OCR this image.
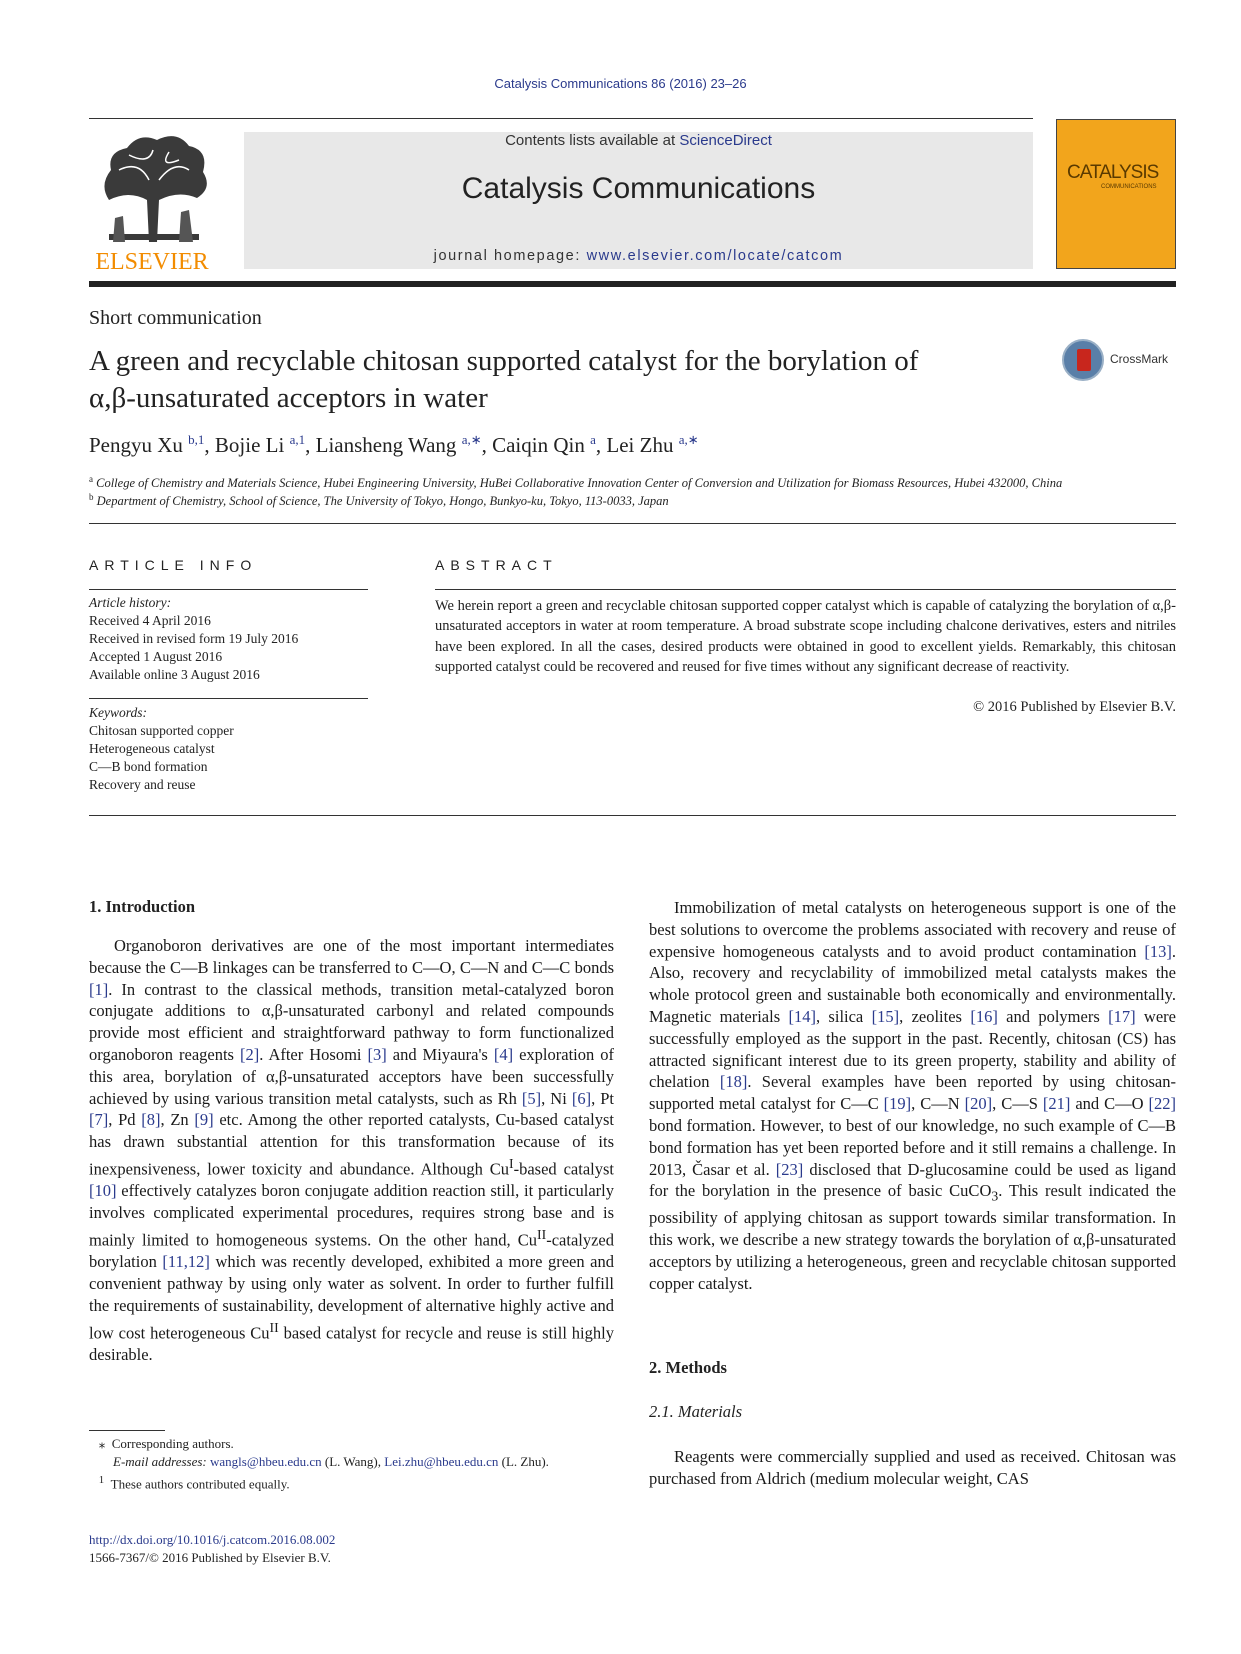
Catalysis Communications 86 (2016) 23–26
ELSEVIER
Contents lists available at ScienceDirect
Catalysis Communications
journal homepage: www.elsevier.com/locate/catcom
CATALYSIS
COMMUNICATIONS
Short communication
A green and recyclable chitosan supported catalyst for the borylation of
α,β-unsaturated acceptors in water
CrossMark
Pengyu Xu $^{b,1}$, Bojie Li $^{a,1}$, Liansheng Wang $^{a,∗}$, Caiqin Qin $^a$, Lei Zhu $^{a,∗}$
$^a$ College of Chemistry and Materials Science, Hubei Engineering University, HuBei Collaborative Innovation Center of Conversion and Utilization for Biomass Resources, Hubei 432000, China
$^b$ Department of Chemistry, School of Science, The University of Tokyo, Hongo, Bunkyo-ku, Tokyo, 113-0033, Japan
ARTICLE INFO
Article history:
Received 4 April 2016
Received in revised form 19 July 2016
Accepted 1 August 2016
Available online 3 August 2016
Keywords:
Chitosan supported copper
Heterogeneous catalyst
C—B bond formation
Recovery and reuse
ABSTRACT
We herein report a green and recyclable chitosan supported copper catalyst which is capable of catalyzing the borylation of α,β-unsaturated acceptors in water at room temperature. A broad substrate scope including chalcone derivatives, esters and nitriles have been explored. In all the cases, desired products were obtained in good to excellent yields. Remarkably, this chitosan supported catalyst could be recovered and reused for five times without any significant decrease of reactivity.
© 2016 Published by Elsevier B.V.
1. Introduction

Organoboron derivatives are one of the most important intermediates because the C—B linkages can be transferred to C—O, C—N and C—C bonds [1]. In contrast to the classical methods, transition metal-catalyzed boron conjugate additions to α,β-unsaturated carbonyl and related compounds provide most efficient and straightforward pathway to form functionalized organoboron reagents [2]. After Hosomi [3] and Miyaura's [4] exploration of this area, borylation of α,β-unsaturated acceptors have been successfully achieved by using various transition metal catalysts, such as Rh [5], Ni [6], Pt [7], Pd [8], Zn [9] etc. Among the other reported catalysts, Cu-based catalyst has drawn substantial attention for this transformation because of its inexpensiveness, lower toxicity and abundance. Although $Cu^I$-based catalyst [10] effectively catalyzes boron conjugate addition reaction still, it particularly involves complicated experimental procedures, requires strong base and is mainly limited to homogeneous systems. On the other hand, $Cu^{II}$-catalyzed borylation [11,12] which was recently developed, exhibited a more green and convenient pathway by using only water as solvent. In order to further fulfill the requirements of sustainability, development of alternative highly active and low cost heterogeneous $Cu^{II}$ based catalyst for recycle and reuse is still highly desirable.

Immobilization of metal catalysts on heterogeneous support is one of the best solutions to overcome the problems associated with recovery and reuse of expensive homogeneous catalysts and to avoid product contamination [13]. Also, recovery and recyclability of immobilized metal catalysts makes the whole protocol green and sustainable both economically and environmentally. Magnetic materials [14], silica [15], zeolites [16] and polymers [17] were successfully employed as the support in the past. Recently, chitosan (CS) has attracted significant interest due to its green property, stability and ability of chelation [18]. Several examples have been reported by using chitosan-supported metal catalyst for C—C [19], C—N [20], C—S [21] and C—O [22] bond formation. However, to best of our knowledge, no such example of C—B bond formation has yet been reported before and it still remains a challenge. In 2013, Časar et al. [23] disclosed that D-glucosamine could be used as ligand for the borylation in the presence of basic CuCO$_3$. This result indicated the possibility of applying chitosan as support towards similar transformation. In this work, we describe a new strategy towards the borylation of α,β-unsaturated acceptors by utilizing a heterogeneous, green and recyclable chitosan supported copper catalyst.

2. Methods
2.1. Materials

Reagents were commercially supplied and used as received. Chitosan was purchased from Aldrich (medium molecular weight, CAS

⁎ Corresponding authors.
E-mail addresses: wangls@hbeu.edu.cn (L. Wang), Lei.zhu@hbeu.edu.cn (L. Zhu).
$^1$ These authors contributed equally.
http://dx.doi.org/10.1016/j.catcom.2016.08.002
1566-7367/© 2016 Published by Elsevier B.V.
